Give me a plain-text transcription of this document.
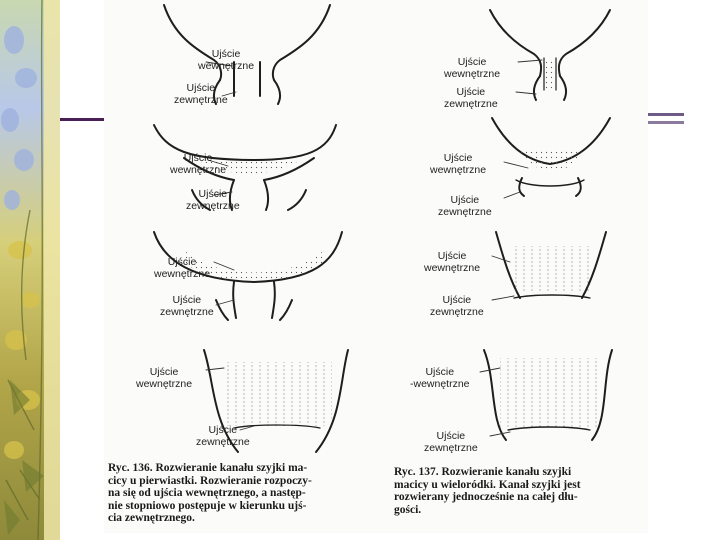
Ujście
wewnętrzne
Ujście
zewnętrzne
Ujście
wewnętrzne
Ujście
zewnętrzne
Ujście
wewnętrzne
Ujście
zewnętrzne
Ujście
wewnętrzne
Ujście
zewnętrzne
Ujście
wewnętrzne
Ujście
zewnętrzne
Ujście
wewnętrzne
Ujście
zewnętrzne
Ujście
wewnętrzne
Ujście
zewnętrzne
Ujście
-wewnętrzne
Ujście
zewnętrzne
Ryc. 136. Rozwieranie kanału szyjki ma-
cicy u pierwiastki. Rozwieranie rozpoczy-
na się od ujścia wewnętrznego, a następ-
nie stopniowo postępuje w kierunku ujś-
cia zewnętrznego.
Ryc. 137. Rozwieranie kanału szyjki
macicy u wieloródki. Kanał szyjki jest
rozwierany jednocześnie na całej dłu-
gości.
